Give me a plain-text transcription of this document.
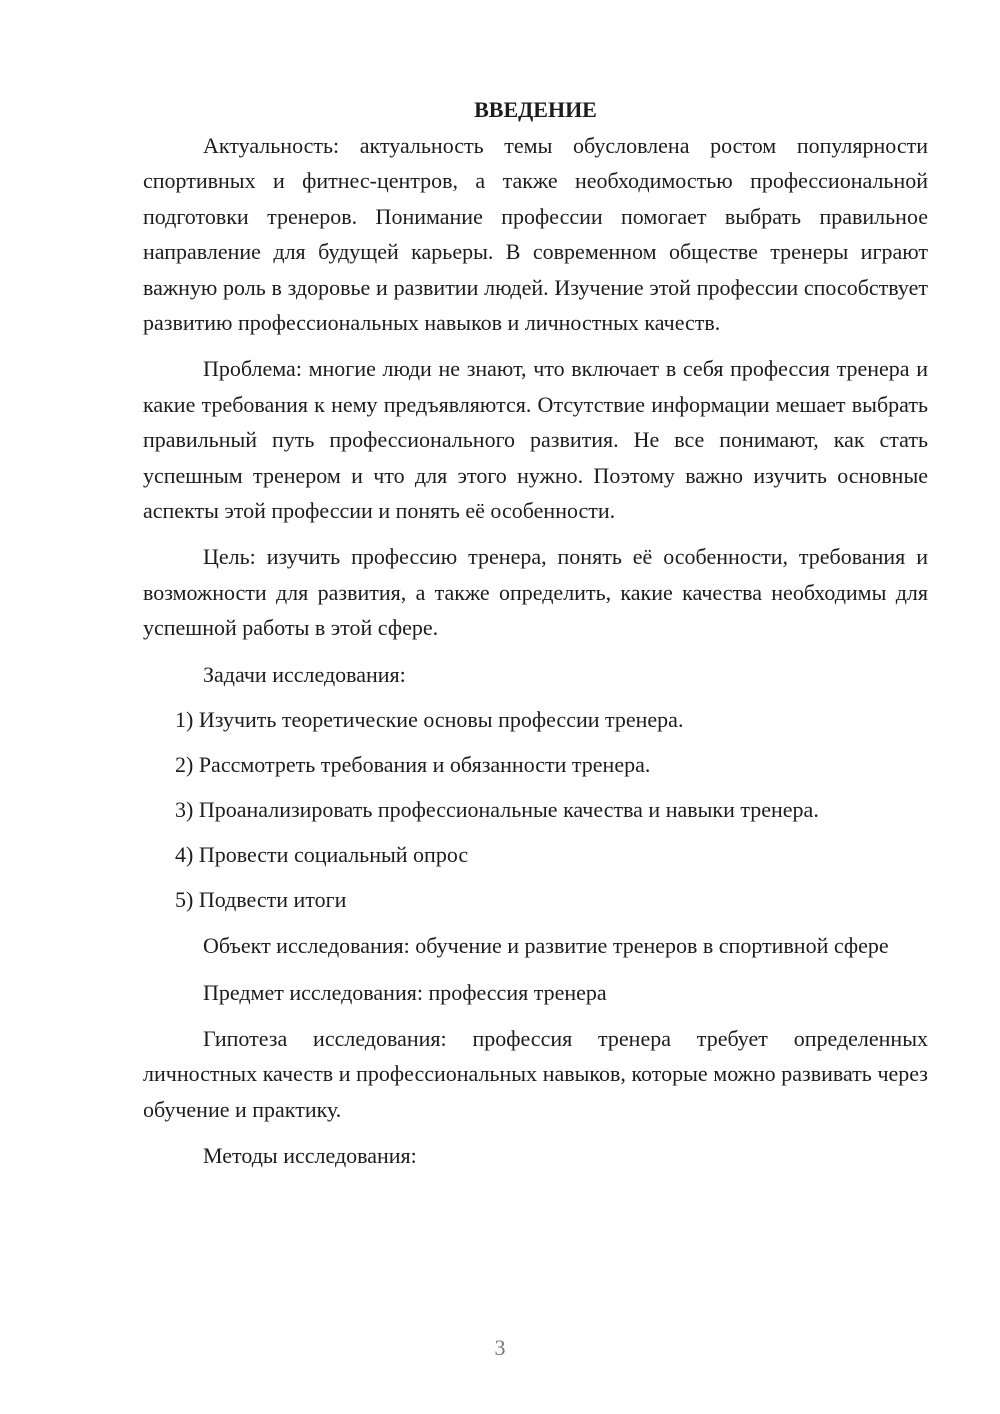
ВВЕДЕНИЕ

Актуальность: актуальность темы обусловлена ростом популярности спортивных и фитнес-центров, а также необходимостью профессиональной подготовки тренеров. Понимание профессии помогает выбрать правильное направление для будущей карьеры. В современном обществе тренеры играют важную роль в здоровье и развитии людей. Изучение этой профессии способствует развитию профессиональных навыков и личностных качеств.

Проблема: многие люди не знают, что включает в себя профессия тренера и какие требования к нему предъявляются. Отсутствие информации мешает выбрать правильный путь профессионального развития. Не все понимают, как стать успешным тренером и что для этого нужно. Поэтому важно изучить основные аспекты этой профессии и понять её особенности.

Цель: изучить профессию тренера, понять её особенности, требования и возможности для развития, а также определить, какие качества необходимы для успешной работы в этой сфере.

Задачи исследования:

1) Изучить теоретические основы профессии тренера.
2) Рассмотреть требования и обязанности тренера.
3) Проанализировать профессиональные качества и навыки тренера.
4) Провести социальный опрос
5) Подвести итоги

Объект исследования: обучение и развитие тренеров в спортивной сфере

Предмет исследования: профессия тренера

Гипотеза исследования: профессия тренера требует определенных личностных качеств и профессиональных навыков, которые можно развивать через обучение и практику.

Методы исследования:

3
